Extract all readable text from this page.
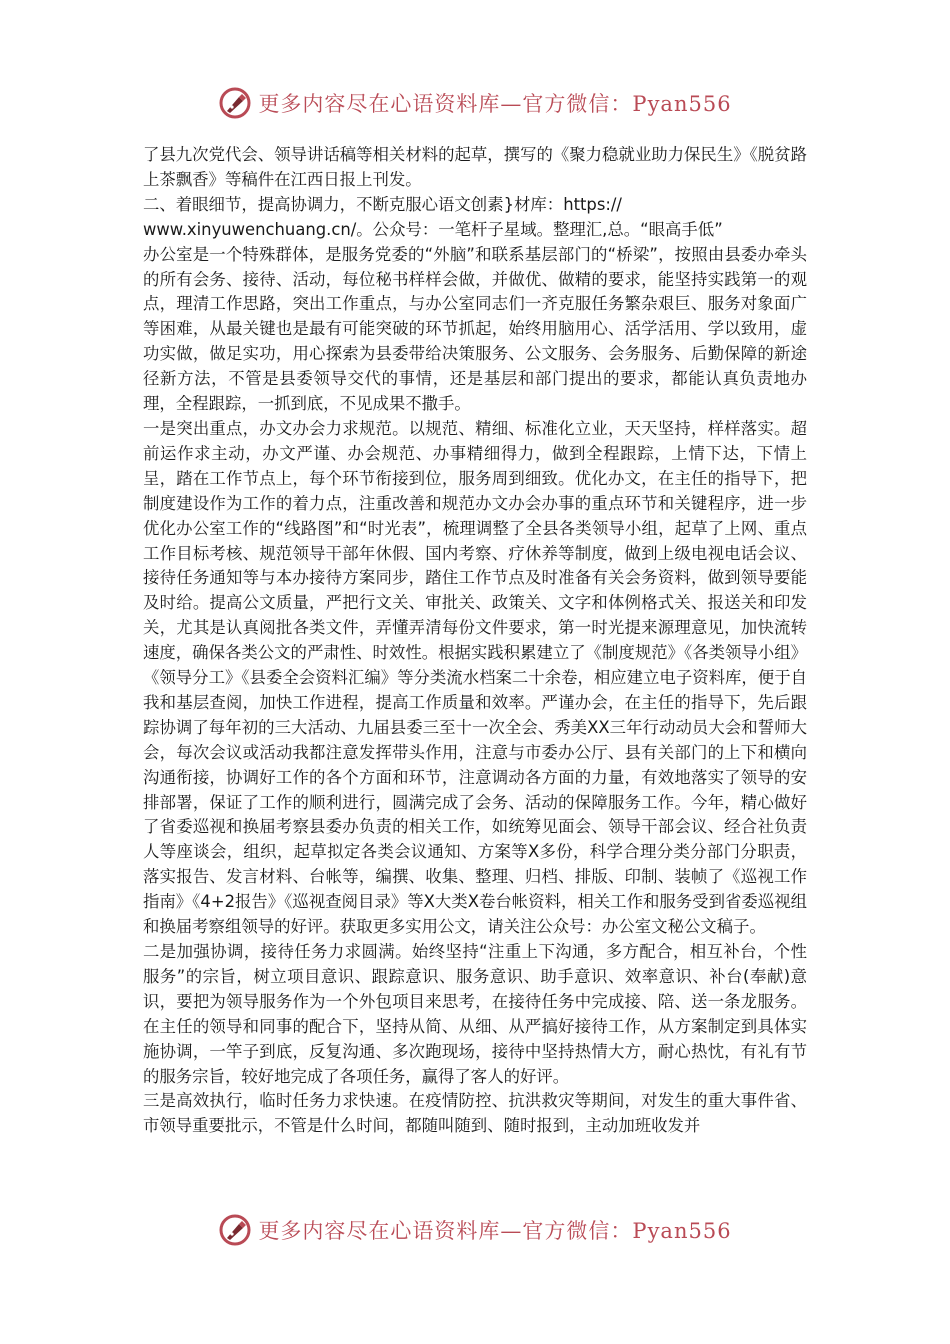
更多内容尽在心语资料库—官方微信：Pyan556

了县九次党代会、领导讲话稿等相关材料的起草，撰写的《聚力稳就业助力保民生》《脱贫路上茶飘香》等稿件在江西日报上刊发。

二、着眼细节，提高协调力，不断克服心语文创素}材库：https://
www.xinyuwenchuang.cn/。公众号：一笔杆子星域。整理汇,总。“眼高手低”

办公室是一个特殊群体，是服务党委的“外脑”和联系基层部门的“桥梁”，按照由县委办牵头的所有会务、接待、活动，每位秘书样样会做，并做优、做精的要求，能坚持实践第一的观点，理清工作思路，突出工作重点，与办公室同志们一齐克服任务繁杂艰巨、服务对象面广等困难，从最关键也是最有可能突破的环节抓起，始终用脑用心、活学活用、学以致用，虚功实做，做足实功，用心探索为县委带给决策服务、公文服务、会务服务、后勤保障的新途径新方法，不管是县委领导交代的事情，还是基层和部门提出的要求，都能认真负责地办理，全程跟踪，一抓到底，不见成果不撒手。

一是突出重点，办文办会力求规范。以规范、精细、标准化立业，天天坚持，样样落实。超前运作求主动，办文严谨、办会规范、办事精细得力，做到全程跟踪，上情下达，下情上呈，踏在工作节点上，每个环节衔接到位，服务周到细致。优化办文，在主任的指导下，把制度建设作为工作的着力点，注重改善和规范办文办会办事的重点环节和关键程序，进一步优化办公室工作的“线路图”和“时光表”，梳理调整了全县各类领导小组，起草了上网、重点工作目标考核、规范领导干部年休假、国内考察、疗休养等制度，做到上级电视电话会议、接待任务通知等与本办接待方案同步，踏住工作节点及时准备有关会务资料，做到领导要能及时给。提高公文质量，严把行文关、审批关、政策关、文字和体例格式关、报送关和印发关，尤其是认真阅批各类文件，弄懂弄清每份文件要求，第一时光提来源理意见，加快流转速度，确保各类公文的严肃性、时效性。根据实践积累建立了《制度规范》《各类领导小组》《领导分工》《县委全会资料汇编》等分类流水档案二十余卷，相应建立电子资料库，便于自我和基层查阅，加快工作进程，提高工作质量和效率。严谨办会，在主任的指导下，先后跟踪协调了每年初的三大活动、九届县委三至十一次全会、秀美XX三年行动动员大会和誓师大会，每次会议或活动我都注意发挥带头作用，注意与市委办公厅、县有关部门的上下和横向沟通衔接，协调好工作的各个方面和环节，注意调动各方面的力量，有效地落实了领导的安排部署，保证了工作的顺利进行，圆满完成了会务、活动的保障服务工作。今年，精心做好了省委巡视和换届考察县委办负责的相关工作，如统筹见面会、领导干部会议、经合社负责人等座谈会，组织，起草拟定各类会议通知、方案等X多份，科学合理分类分部门分职责，落实报告、发言材料、台帐等，编撰、收集、整理、归档、排版、印制、装帧了《巡视工作指南》《4+2报告》《巡视查阅目录》等X大类X卷台帐资料，相关工作和服务受到省委巡视组和换届考察组领导的好评。获取更多实用公文，请关注公众号：办公室文秘公文稿子。

二是加强协调，接待任务力求圆满。始终坚持“注重上下沟通，多方配合，相互补台，个性服务”的宗旨，树立项目意识、跟踪意识、服务意识、助手意识、效率意识、补台(奉献)意识，要把为领导服务作为一个外包项目来思考，在接待任务中完成接、陪、送一条龙服务。在主任的领导和同事的配合下，坚持从简、从细、从严搞好接待工作，从方案制定到具体实施协调，一竿子到底，反复沟通、多次跑现场，接待中坚持热情大方，耐心热忱，有礼有节的服务宗旨，较好地完成了各项任务，赢得了客人的好评。

三是高效执行，临时任务力求快速。在疫情防控、抗洪救灾等期间，对发生的重大事件省、市领导重要批示，不管是什么时间，都随叫随到、随时报到，主动加班收发并

更多内容尽在心语资料库—官方微信：Pyan556
